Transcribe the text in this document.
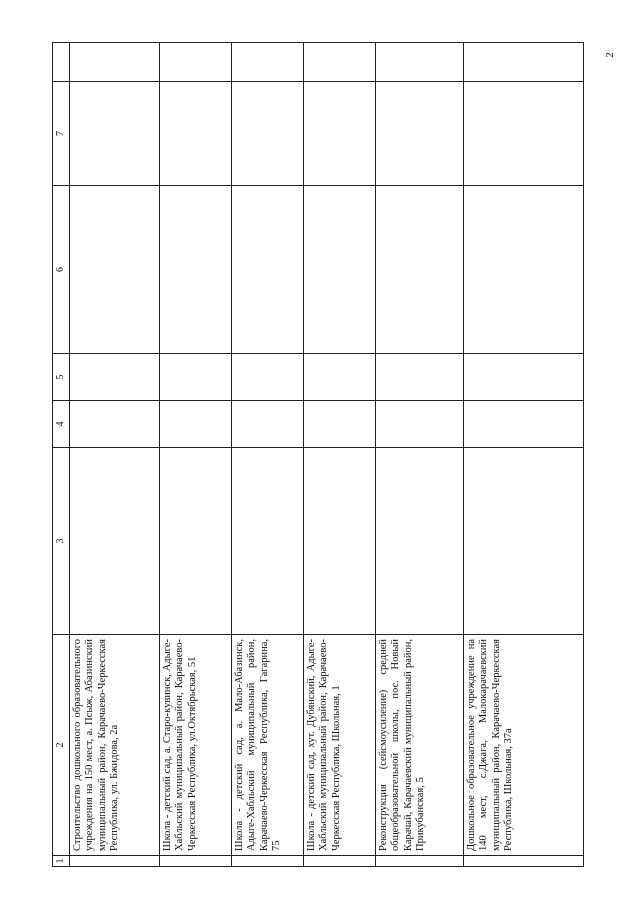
2
1	2	3	4	5	6	7	
	Строительство дошкольного образовательного учреждения на 150 мест, а. Псыж, Абазинский муниципальный район, Карачаево-Черкесская Республика, ул. Бжидова, 2а						
	Школа - детский сад, а. Старо-кувинск, Адыге-Хабльский муниципальный район, Карачаево-Черкесская Республика, ул.Октябрьская, 51						
	Школа - детский сад, а. Мало-Абазинск, Адыге-Хабльский муниципальный район, Карачаево-Черкесская Республика, Гагарина, 75						
	Школа - детский сад, хут. Дубянский, Адыге-Хабльский муниципальный район, Карачаево-Черкесская Республика, Школьная, 1						
	Реконструкция (сейсмоусиление) средней общеобразовательной школы, пос. Новый Карачай, Карачаевский муниципальный район, Прикубанская, 5						
	Дошкольное образовательное учреждение на 140 мест, с.Джага, Малокарачаевский муниципальный район, Карачаево-Черкесская Республика, Школьная, 37а						
